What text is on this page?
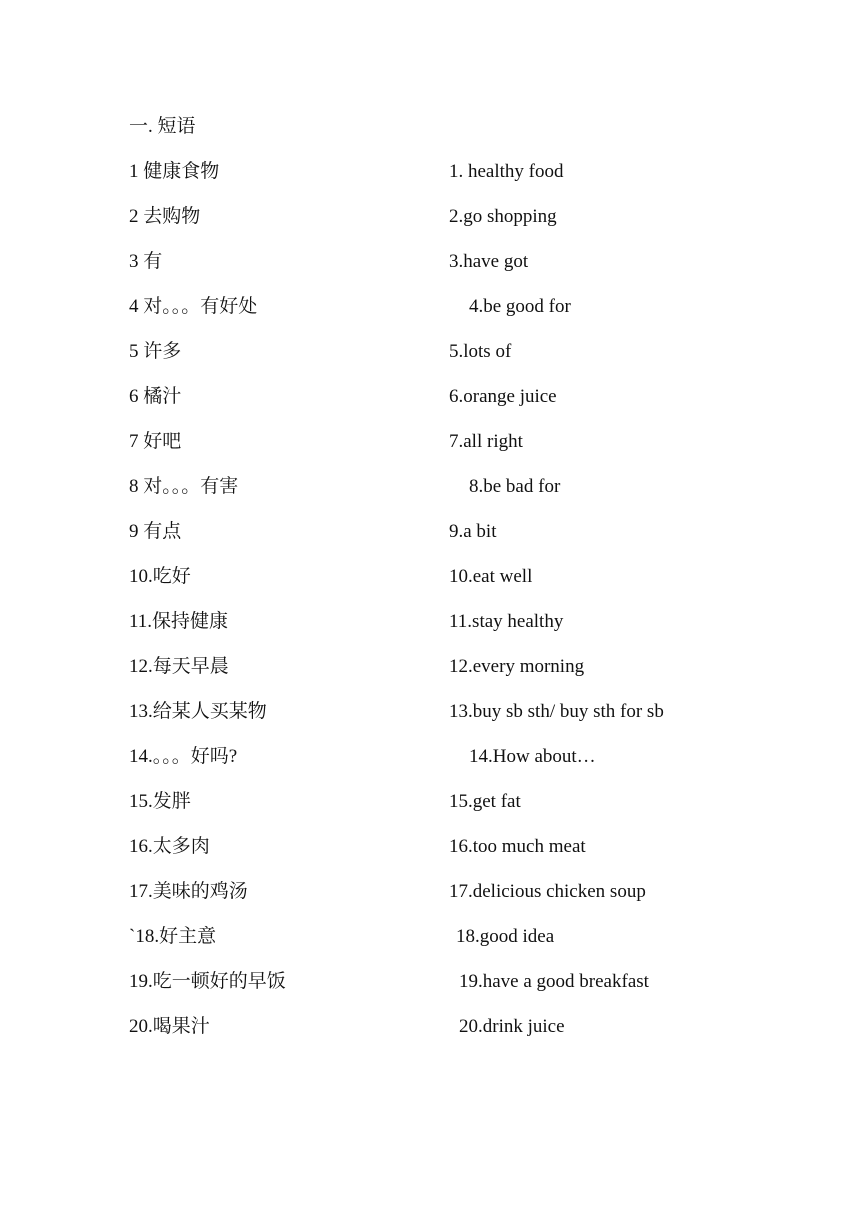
一. 短语
1 健康食物	1. healthy food
2 去购物	2.go shopping
3 有	3.have got
4 对。。。有好处	4.be good for
5 许多	5.lots of
6 橘汁	6.orange juice
7 好吧	7.all right
8 对。。。有害	8.be bad for
9 有点	9.a bit
10.吃好	10.eat well
11.保持健康	11.stay healthy
12.每天早晨	12.every morning
13.给某人买某物	13.buy sb sth/ buy sth for sb
14.。。。好吗?	14.How about…
15.发胖	15.get fat
16.太多肉	16.too much meat
17.美味的鸡汤	17.delicious chicken soup
`18.好主意	18.good idea
19.吃一顿好的早饭	19.have a good breakfast
20.喝果汁	20.drink juice
